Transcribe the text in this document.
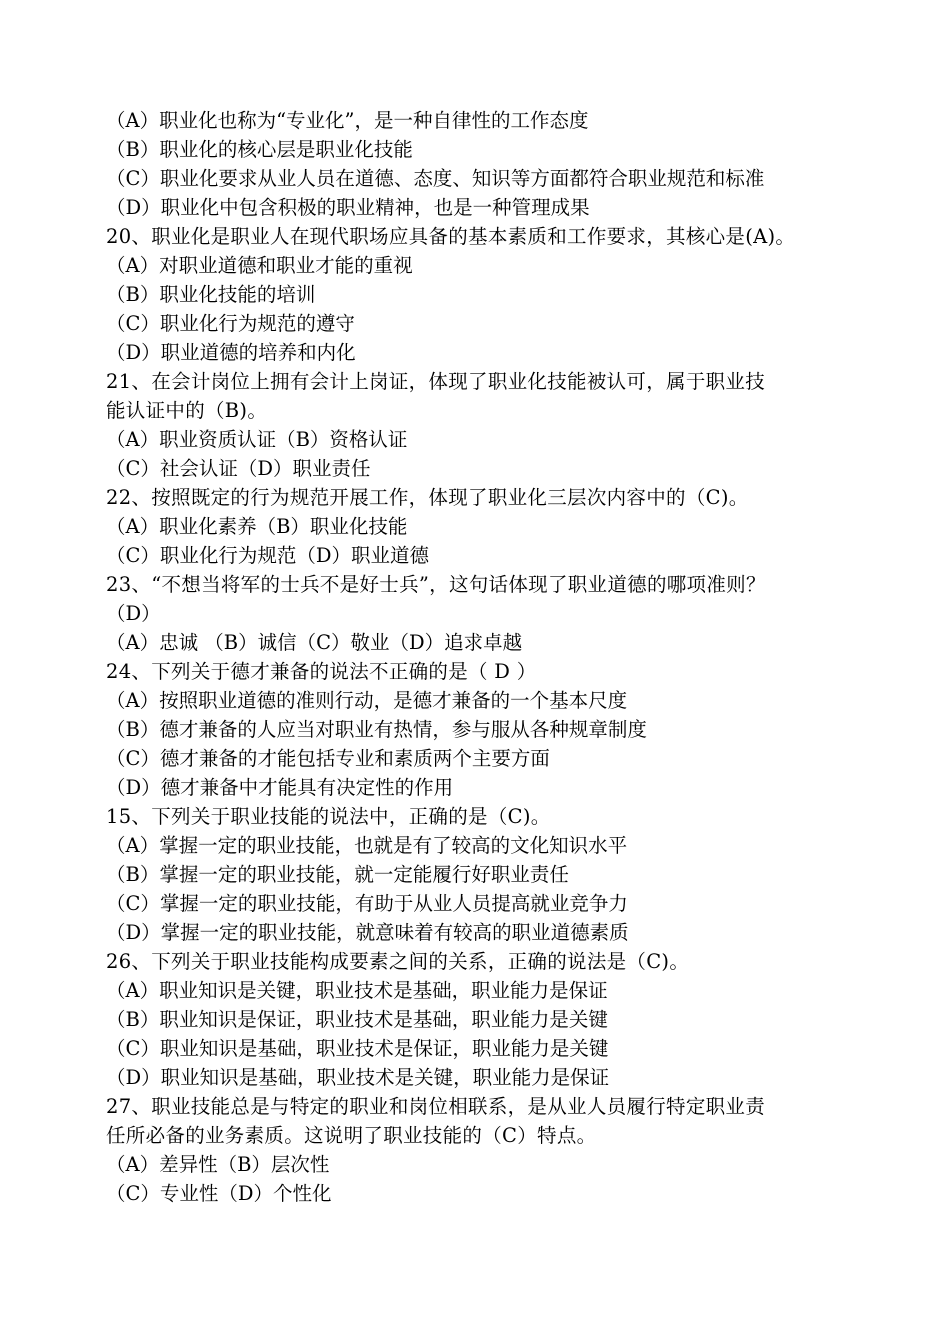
（A）职业化也称为“专业化”，是一种自律性的工作态度
（B）职业化的核心层是职业化技能
（C）职业化要求从业人员在道德、态度、知识等方面都符合职业规范和标准
（D）职业化中包含积极的职业精神，也是一种管理成果
20、职业化是职业人在现代职场应具备的基本素质和工作要求，其核心是(A)。
（A）对职业道德和职业才能的重视
（B）职业化技能的培训
（C）职业化行为规范的遵守
（D）职业道德的培养和内化
21、在会计岗位上拥有会计上岗证，体现了职业化技能被认可，属于职业技
能认证中的（B)。
（A）职业资质认证（B）资格认证
（C）社会认证（D）职业责任
22、按照既定的行为规范开展工作，体现了职业化三层次内容中的（C)。
（A）职业化素养（B）职业化技能
（C）职业化行为规范（D）职业道德
23、“不想当将军的士兵不是好士兵”，这句话体现了职业道德的哪项准则？
（D）
（A）忠诚 （B）诚信（C）敬业（D）追求卓越
24、下列关于德才兼备的说法不正确的是（ D ）
（A）按照职业道德的准则行动，是德才兼备的一个基本尺度
（B）德才兼备的人应当对职业有热情，参与服从各种规章制度
（C）德才兼备的才能包括专业和素质两个主要方面
（D）德才兼备中才能具有决定性的作用
15、下列关于职业技能的说法中，正确的是（C)。
（A）掌握一定的职业技能，也就是有了较高的文化知识水平
（B）掌握一定的职业技能，就一定能履行好职业责任
（C）掌握一定的职业技能，有助于从业人员提高就业竞争力
（D）掌握一定的职业技能，就意味着有较高的职业道德素质
26、下列关于职业技能构成要素之间的关系，正确的说法是（C)。
（A）职业知识是关键，职业技术是基础，职业能力是保证
（B）职业知识是保证，职业技术是基础，职业能力是关键
（C）职业知识是基础，职业技术是保证，职业能力是关键
（D）职业知识是基础，职业技术是关键，职业能力是保证
27、职业技能总是与特定的职业和岗位相联系，是从业人员履行特定职业责
任所必备的业务素质。这说明了职业技能的（C）特点。
（A）差异性（B）层次性
（C）专业性（D）个性化
